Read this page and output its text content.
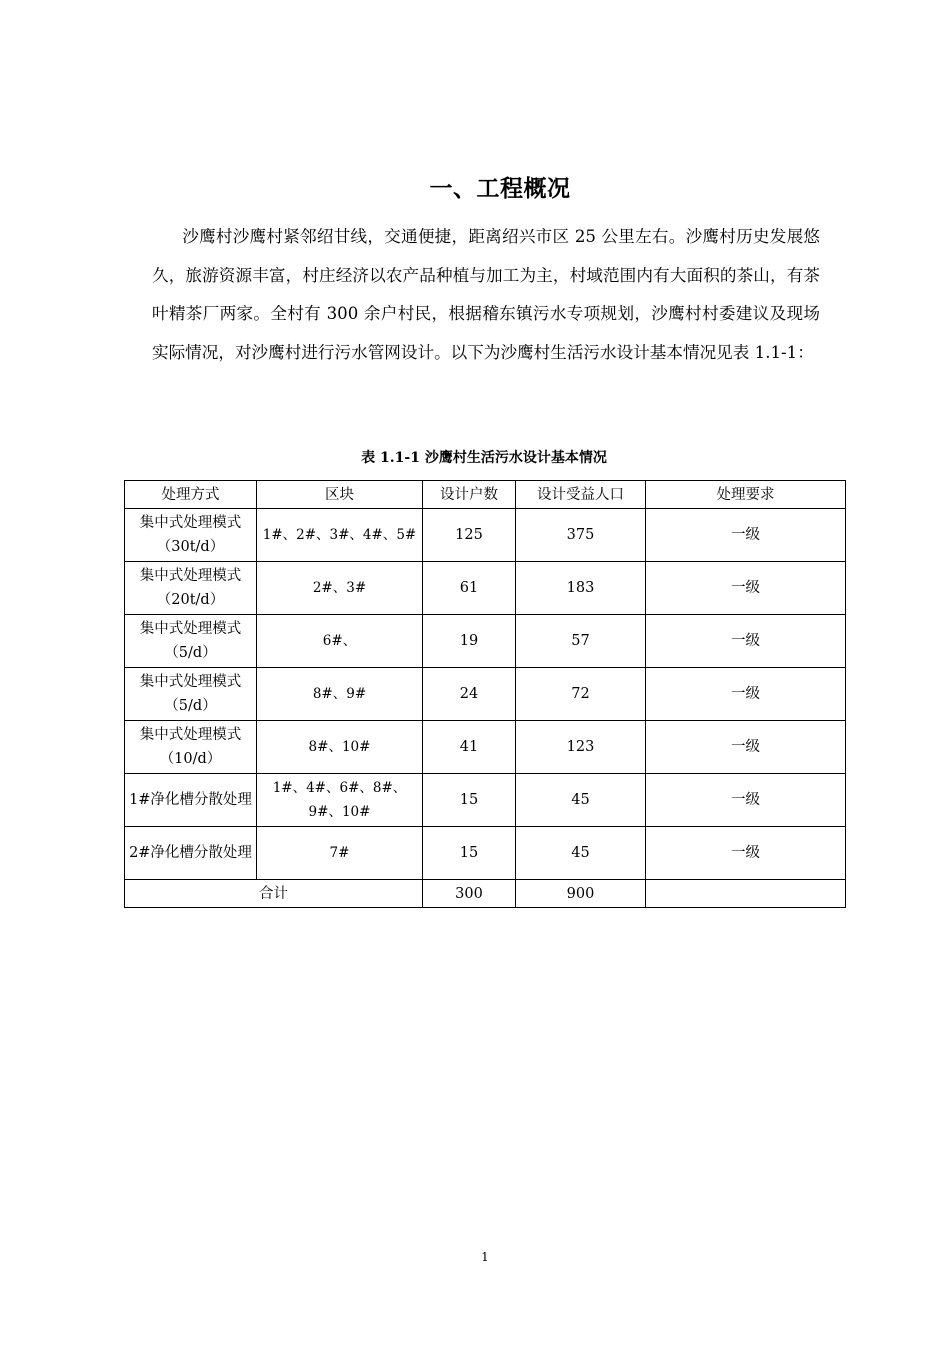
一、工程概况

沙鹰村沙鹰村紧邻绍甘线，交通便捷，距离绍兴市区 25 公里左右。沙鹰村历史发展悠久，旅游资源丰富，村庄经济以农产品种植与加工为主，村域范围内有大面积的茶山，有茶叶精茶厂两家。全村有 300 余户村民，根据稽东镇污水专项规划，沙鹰村村委建议及现场实际情况，对沙鹰村进行污水管网设计。以下为沙鹰村生活污水设计基本情况见表 1.1-1：

表 1.1-1 沙鹰村生活污水设计基本情况

处理方式	区块	设计户数	设计受益人口	处理要求
集中式处理模式（30t/d）	1#、2#、3#、4#、5#	125	375	一级
集中式处理模式（20t/d）	2#、3#	61	183	一级
集中式处理模式（5/d）	6#、	19	57	一级
集中式处理模式（5/d）	8#、9#	24	72	一级
集中式处理模式（10/d）	8#、10#	41	123	一级
1#净化槽分散处理	1#、4#、6#、8#、9#、10#	15	45	一级
2#净化槽分散处理	7#	15	45	一级
合计		300	900	

1
